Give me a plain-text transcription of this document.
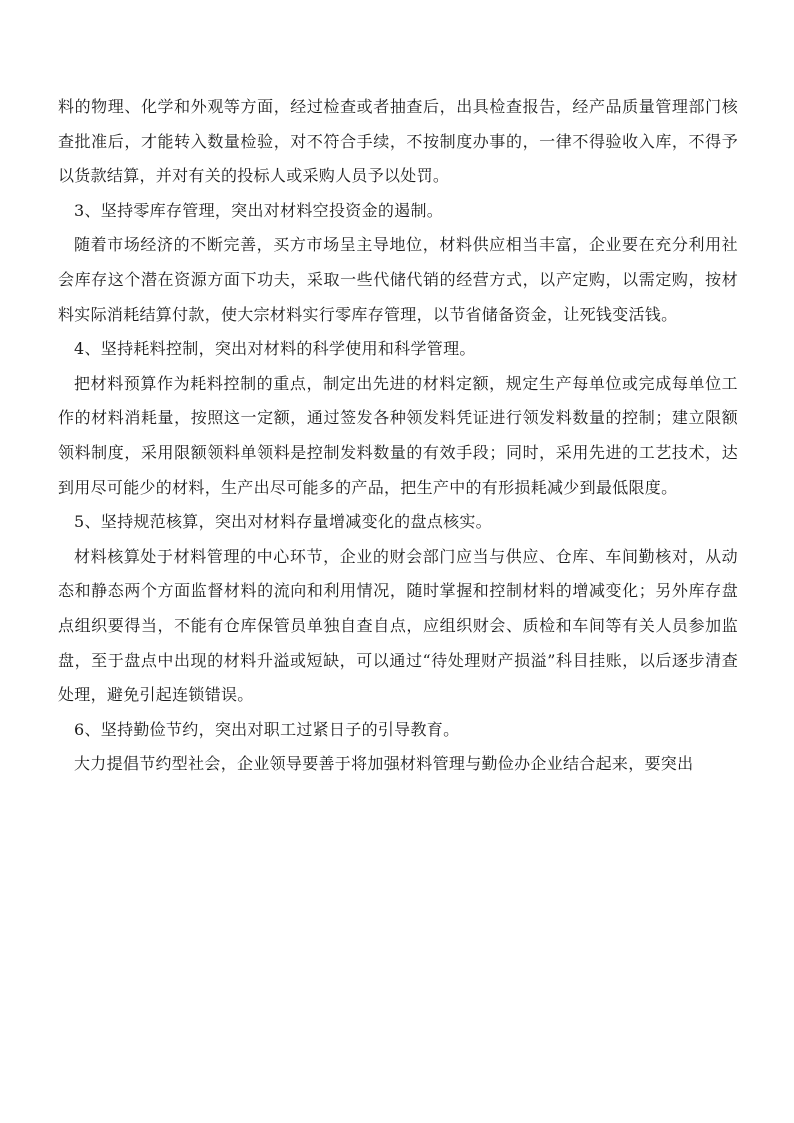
料的物理、化学和外观等方面，经过检查或者抽查后，出具检查报告，经产品质量管理部门核查批准后，才能转入数量检验，对不符合手续，不按制度办事的，一律不得验收入库，不得予以货款结算，并对有关的投标人或采购人员予以处罚。

3、坚持零库存管理，突出对材料空投资金的遏制。

随着市场经济的不断完善，买方市场呈主导地位，材料供应相当丰富，企业要在充分利用社会库存这个潜在资源方面下功夫，采取一些代储代销的经营方式，以产定购，以需定购，按材料实际消耗结算付款，使大宗材料实行零库存管理，以节省储备资金，让死钱变活钱。

4、坚持耗料控制，突出对材料的科学使用和科学管理。

把材料预算作为耗料控制的重点，制定出先进的材料定额，规定生产每单位或完成每单位工作的材料消耗量，按照这一定额，通过签发各种领发料凭证进行领发料数量的控制；建立限额领料制度，采用限额领料单领料是控制发料数量的有效手段；同时，采用先进的工艺技术，达到用尽可能少的材料，生产出尽可能多的产品，把生产中的有形损耗减少到最低限度。

5、坚持规范核算，突出对材料存量增减变化的盘点核实。

材料核算处于材料管理的中心环节，企业的财会部门应当与供应、仓库、车间勤核对，从动态和静态两个方面监督材料的流向和利用情况，随时掌握和控制材料的增减变化；另外库存盘点组织要得当，不能有仓库保管员单独自查自点，应组织财会、质检和车间等有关人员参加监盘，至于盘点中出现的材料升溢或短缺，可以通过“待处理财产损溢”科目挂账，以后逐步清查处理，避免引起连锁错误。

6、坚持勤俭节约，突出对职工过紧日子的引导教育。

大力提倡节约型社会，企业领导要善于将加强材料管理与勤俭办企业结合起来，要突出
